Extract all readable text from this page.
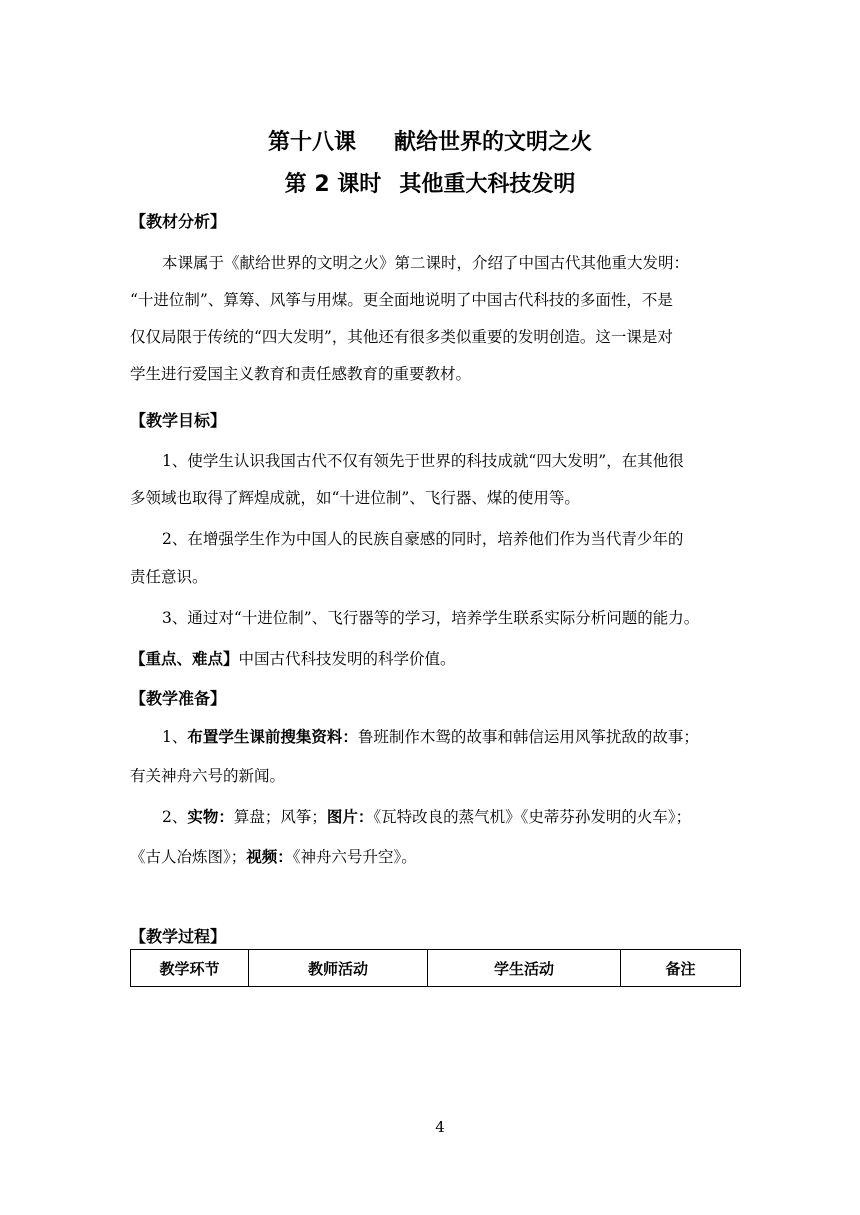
第十八课 献给世界的文明之火
第 2 课时 其他重大科技发明
【教材分析】
本课属于《献给世界的文明之火》第二课时，介绍了中国古代其他重大发明：
“十进位制”、算筹、风筝与用煤。更全面地说明了中国古代科技的多面性，不是
仅仅局限于传统的“四大发明”，其他还有很多类似重要的发明创造。这一课是对
学生进行爱国主义教育和责任感教育的重要教材。
【教学目标】
1、使学生认识我国古代不仅有领先于世界的科技成就“四大发明”，在其他很
多领域也取得了辉煌成就，如“十进位制”、飞行器、煤的使用等。
2、在增强学生作为中国人的民族自豪感的同时，培养他们作为当代青少年的
责任意识。
3、通过对“十进位制”、飞行器等的学习，培养学生联系实际分析问题的能力。
【重点、难点】中国古代科技发明的科学价值。
【教学准备】
1、布置学生课前搜集资料：鲁班制作木鸳的故事和韩信运用风筝扰敌的故事；
有关神舟六号的新闻。
2、实物：算盘；风筝；图片：《瓦特改良的蒸气机》《史蒂芬孙发明的火车》；
《古人冶炼图》；视频：《神舟六号升空》。
【教学过程】
教学环节	教师活动	学生活动	备注
4
